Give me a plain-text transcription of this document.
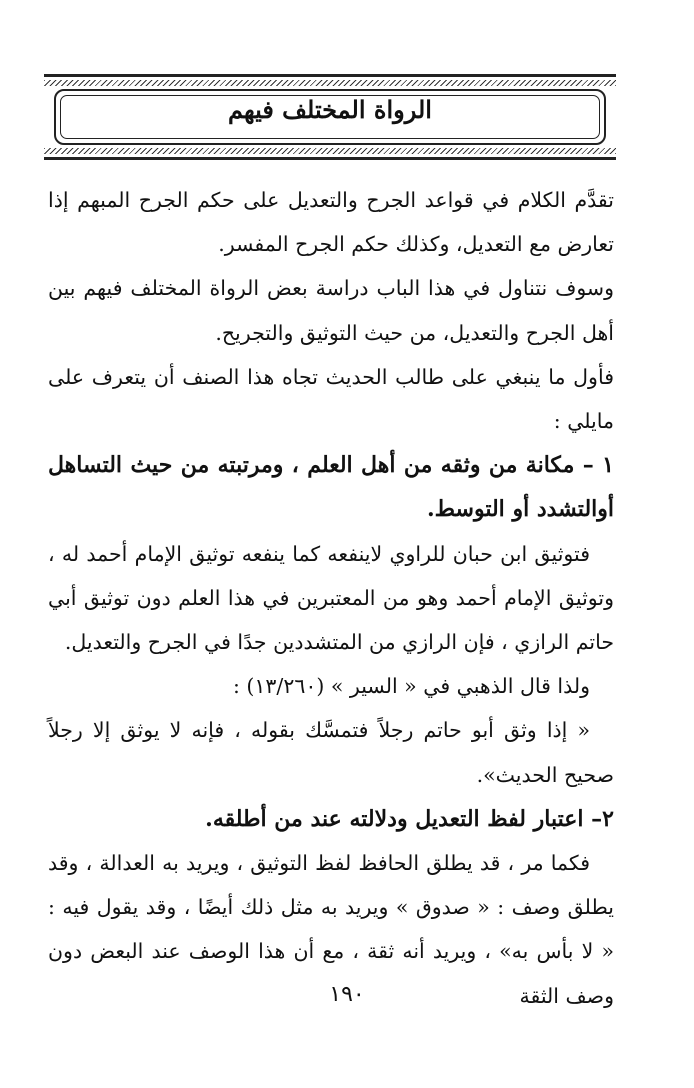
الرواة المختلف فيهم

تقدَّم الكلام في قواعد الجرح والتعديل على حكم الجرح المبهم إذا تعارض مع التعديل، وكذلك حكم الجرح المفسر.

وسوف نتناول في هذا الباب دراسة بعض الرواة المختلف فيهم بين أهل الجرح والتعديل، من حيث التوثيق والتجريح.

فأول ما ينبغي على طالب الحديث تجاه هذا الصنف أن يتعرف على مايلي :

١ – مكانة من وثقه من أهل العلم ، ومرتبته من حيث التساهل أوالتشدد أو التوسط.

فتوثيق ابن حبان للراوي لاينفعه كما ينفعه توثيق الإمام أحمد له ، وتوثيق الإمام أحمد وهو من المعتبرين في هذا العلم دون توثيق أبي حاتم الرازي ، فإن الرازي من المتشددين جدًا في الجرح والتعديل.

ولذا قال الذهبي في « السير » (١٣/٢٦٠) :

« إذا وثق أبو حاتم رجلاً فتمسَّك بقوله ، فإنه لا يوثق إلا رجلاً صحيح الحديث».

٢– اعتبار لفظ التعديل ودلالته عند من أطلقه.

فكما مر ، قد يطلق الحافظ لفظ التوثيق ، ويريد به العدالة ، وقد يطلق وصف : « صدوق » ويريد به مثل ذلك أيضًا ، وقد يقول فيه : « لا بأس به» ، ويريد أنه ثقة ، مع أن هذا الوصف عند البعض دون وصف الثقة

١٩٠
